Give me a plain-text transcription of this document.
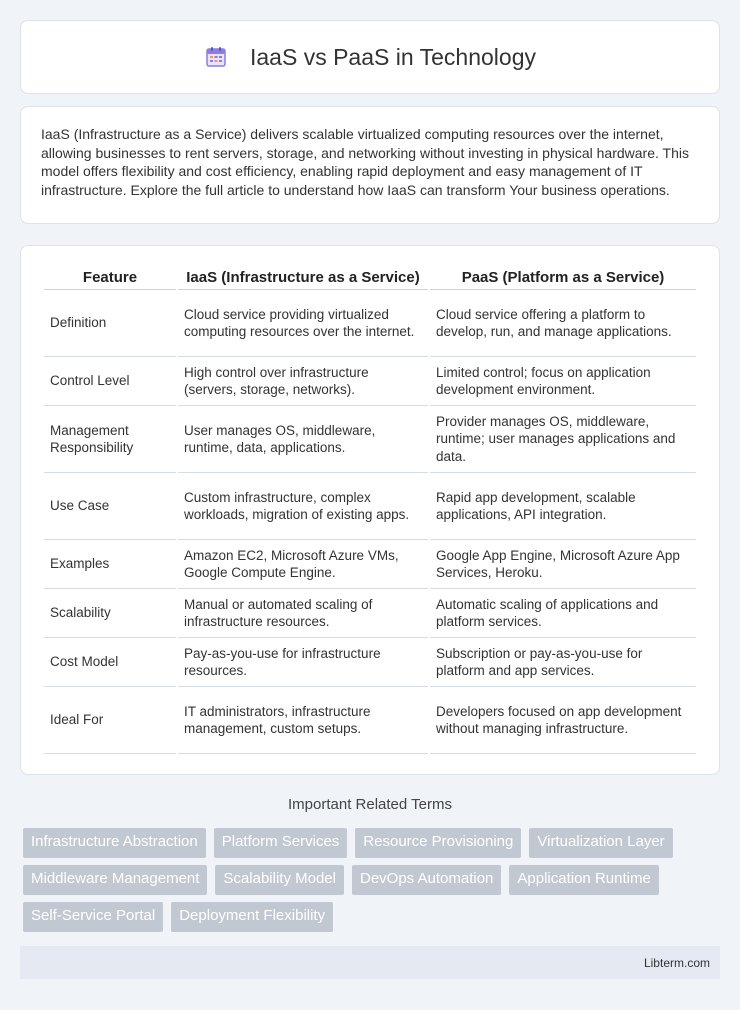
IaaS vs PaaS in Technology

IaaS (Infrastructure as a Service) delivers scalable virtualized computing resources over the internet, allowing businesses to rent servers, storage, and networking without investing in physical hardware. This model offers flexibility and cost efficiency, enabling rapid deployment and easy management of IT infrastructure. Explore the full article to understand how IaaS can transform Your business operations.

Feature	IaaS (Infrastructure as a Service)	PaaS (Platform as a Service)
Definition	Cloud service providing virtualized computing resources over the internet.	Cloud service offering a platform to develop, run, and manage applications.
Control Level	High control over infrastructure (servers, storage, networks).	Limited control; focus on application development environment.
Management Responsibility	User manages OS, middleware, runtime, data, applications.	Provider manages OS, middleware, runtime; user manages applications and data.
Use Case	Custom infrastructure, complex workloads, migration of existing apps.	Rapid app development, scalable applications, API integration.
Examples	Amazon EC2, Microsoft Azure VMs, Google Compute Engine.	Google App Engine, Microsoft Azure App Services, Heroku.
Scalability	Manual or automated scaling of infrastructure resources.	Automatic scaling of applications and platform services.
Cost Model	Pay-as-you-use for infrastructure resources.	Subscription or pay-as-you-use for platform and app services.
Ideal For	IT administrators, infrastructure management, custom setups.	Developers focused on app development without managing infrastructure.
Important Related Terms
Infrastructure Abstraction	Platform Services	Resource Provisioning	Virtualization Layer
Middleware Management	Scalability Model	DevOps Automation	Application Runtime
Self-Service Portal	Deployment Flexibility
Libterm.com
